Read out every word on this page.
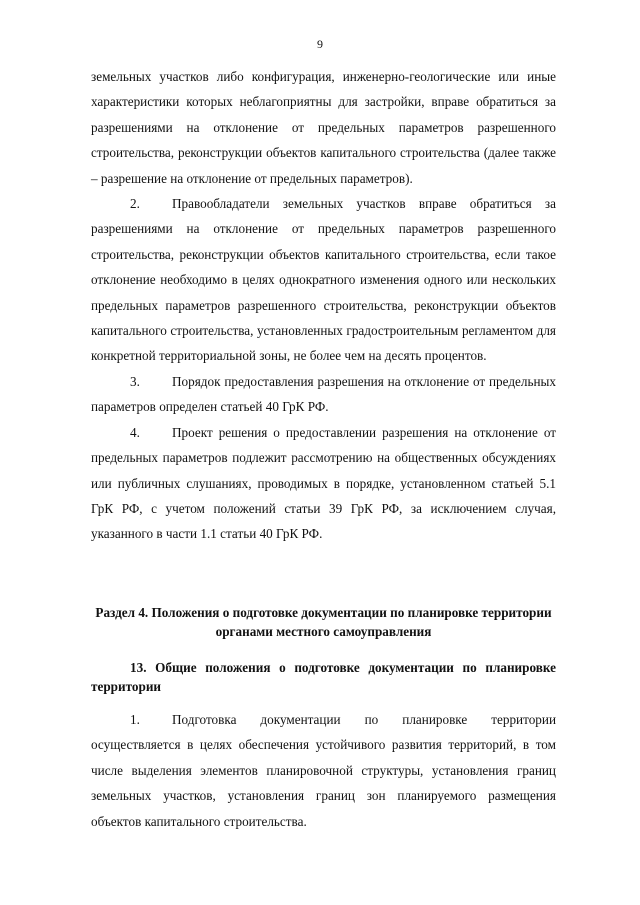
9

земельных участков либо конфигурация, инженерно-геологические или иные характеристики которых неблагоприятны для застройки, вправе обратиться за разрешениями на отклонение от предельных параметров разрешенного строительства, реконструкции объектов капитального строительства (далее также – разрешение на отклонение от предельных параметров).

2. Правообладатели земельных участков вправе обратиться за разрешениями на отклонение от предельных параметров разрешенного строительства, реконструкции объектов капитального строительства, если такое отклонение необходимо в целях однократного изменения одного или нескольких предельных параметров разрешенного строительства, реконструкции объектов капитального строительства, установленных градостроительным регламентом для конкретной территориальной зоны, не более чем на десять процентов.

3. Порядок предоставления разрешения на отклонение от предельных параметров определен статьей 40 ГрК РФ.

4. Проект решения о предоставлении разрешения на отклонение от предельных параметров подлежит рассмотрению на общественных обсуждениях или публичных слушаниях, проводимых в порядке, установленном статьей 5.1 ГрК РФ, с учетом положений статьи 39 ГрК РФ, за исключением случая, указанного в части 1.1 статьи 40 ГрК РФ.

Раздел 4. Положения о подготовке документации по планировке территории органами местного самоуправления
13. Общие положения о подготовке документации по планировке территории

1. Подготовка документации по планировке территории осуществляется в целях обеспечения устойчивого развития территорий, в том числе выделения элементов планировочной структуры, установления границ земельных участков, установления границ зон планируемого размещения объектов капитального строительства.
